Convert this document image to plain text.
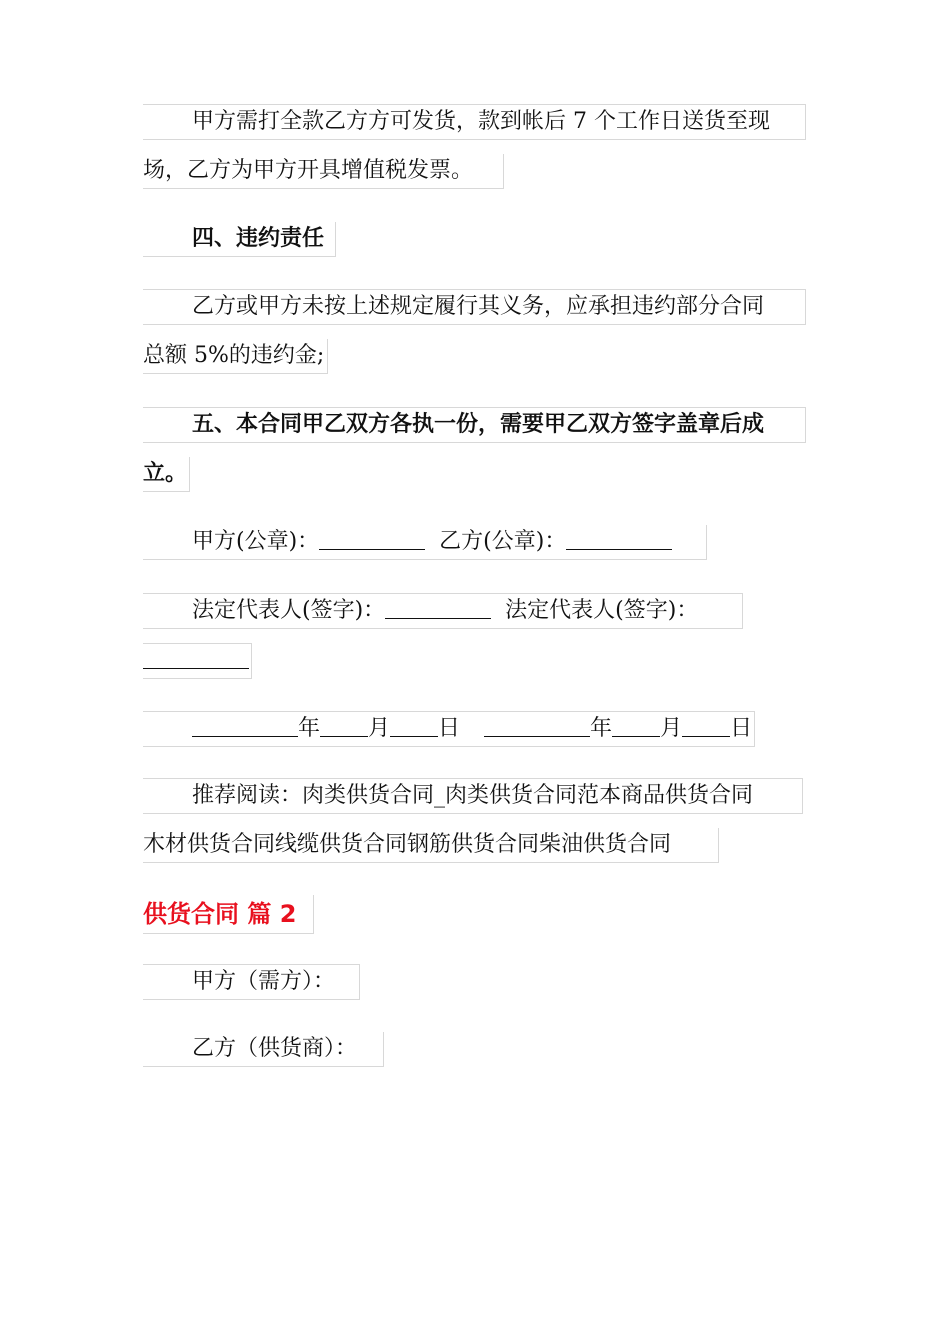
甲方需打全款乙方方可发货，款到帐后 7 个工作日送货至现
场，乙方为甲方开具增值税发票。
四、违约责任
乙方或甲方未按上述规定履行其义务，应承担违约部分合同
总额 5%的违约金;
五、本合同甲乙双方各执一份，需要甲乙双方签字盖章后成
立。
甲方(公章)：	乙方(公章)：
法定代表人(签字)：	法定代表人(签字)：
年 月 日	年 月 日
推荐阅读：肉类供货合同_肉类供货合同范本商品供货合同
木材供货合同线缆供货合同钢筋供货合同柴油供货合同
供货合同 篇 2
甲方（需方）：
乙方（供货商）：
